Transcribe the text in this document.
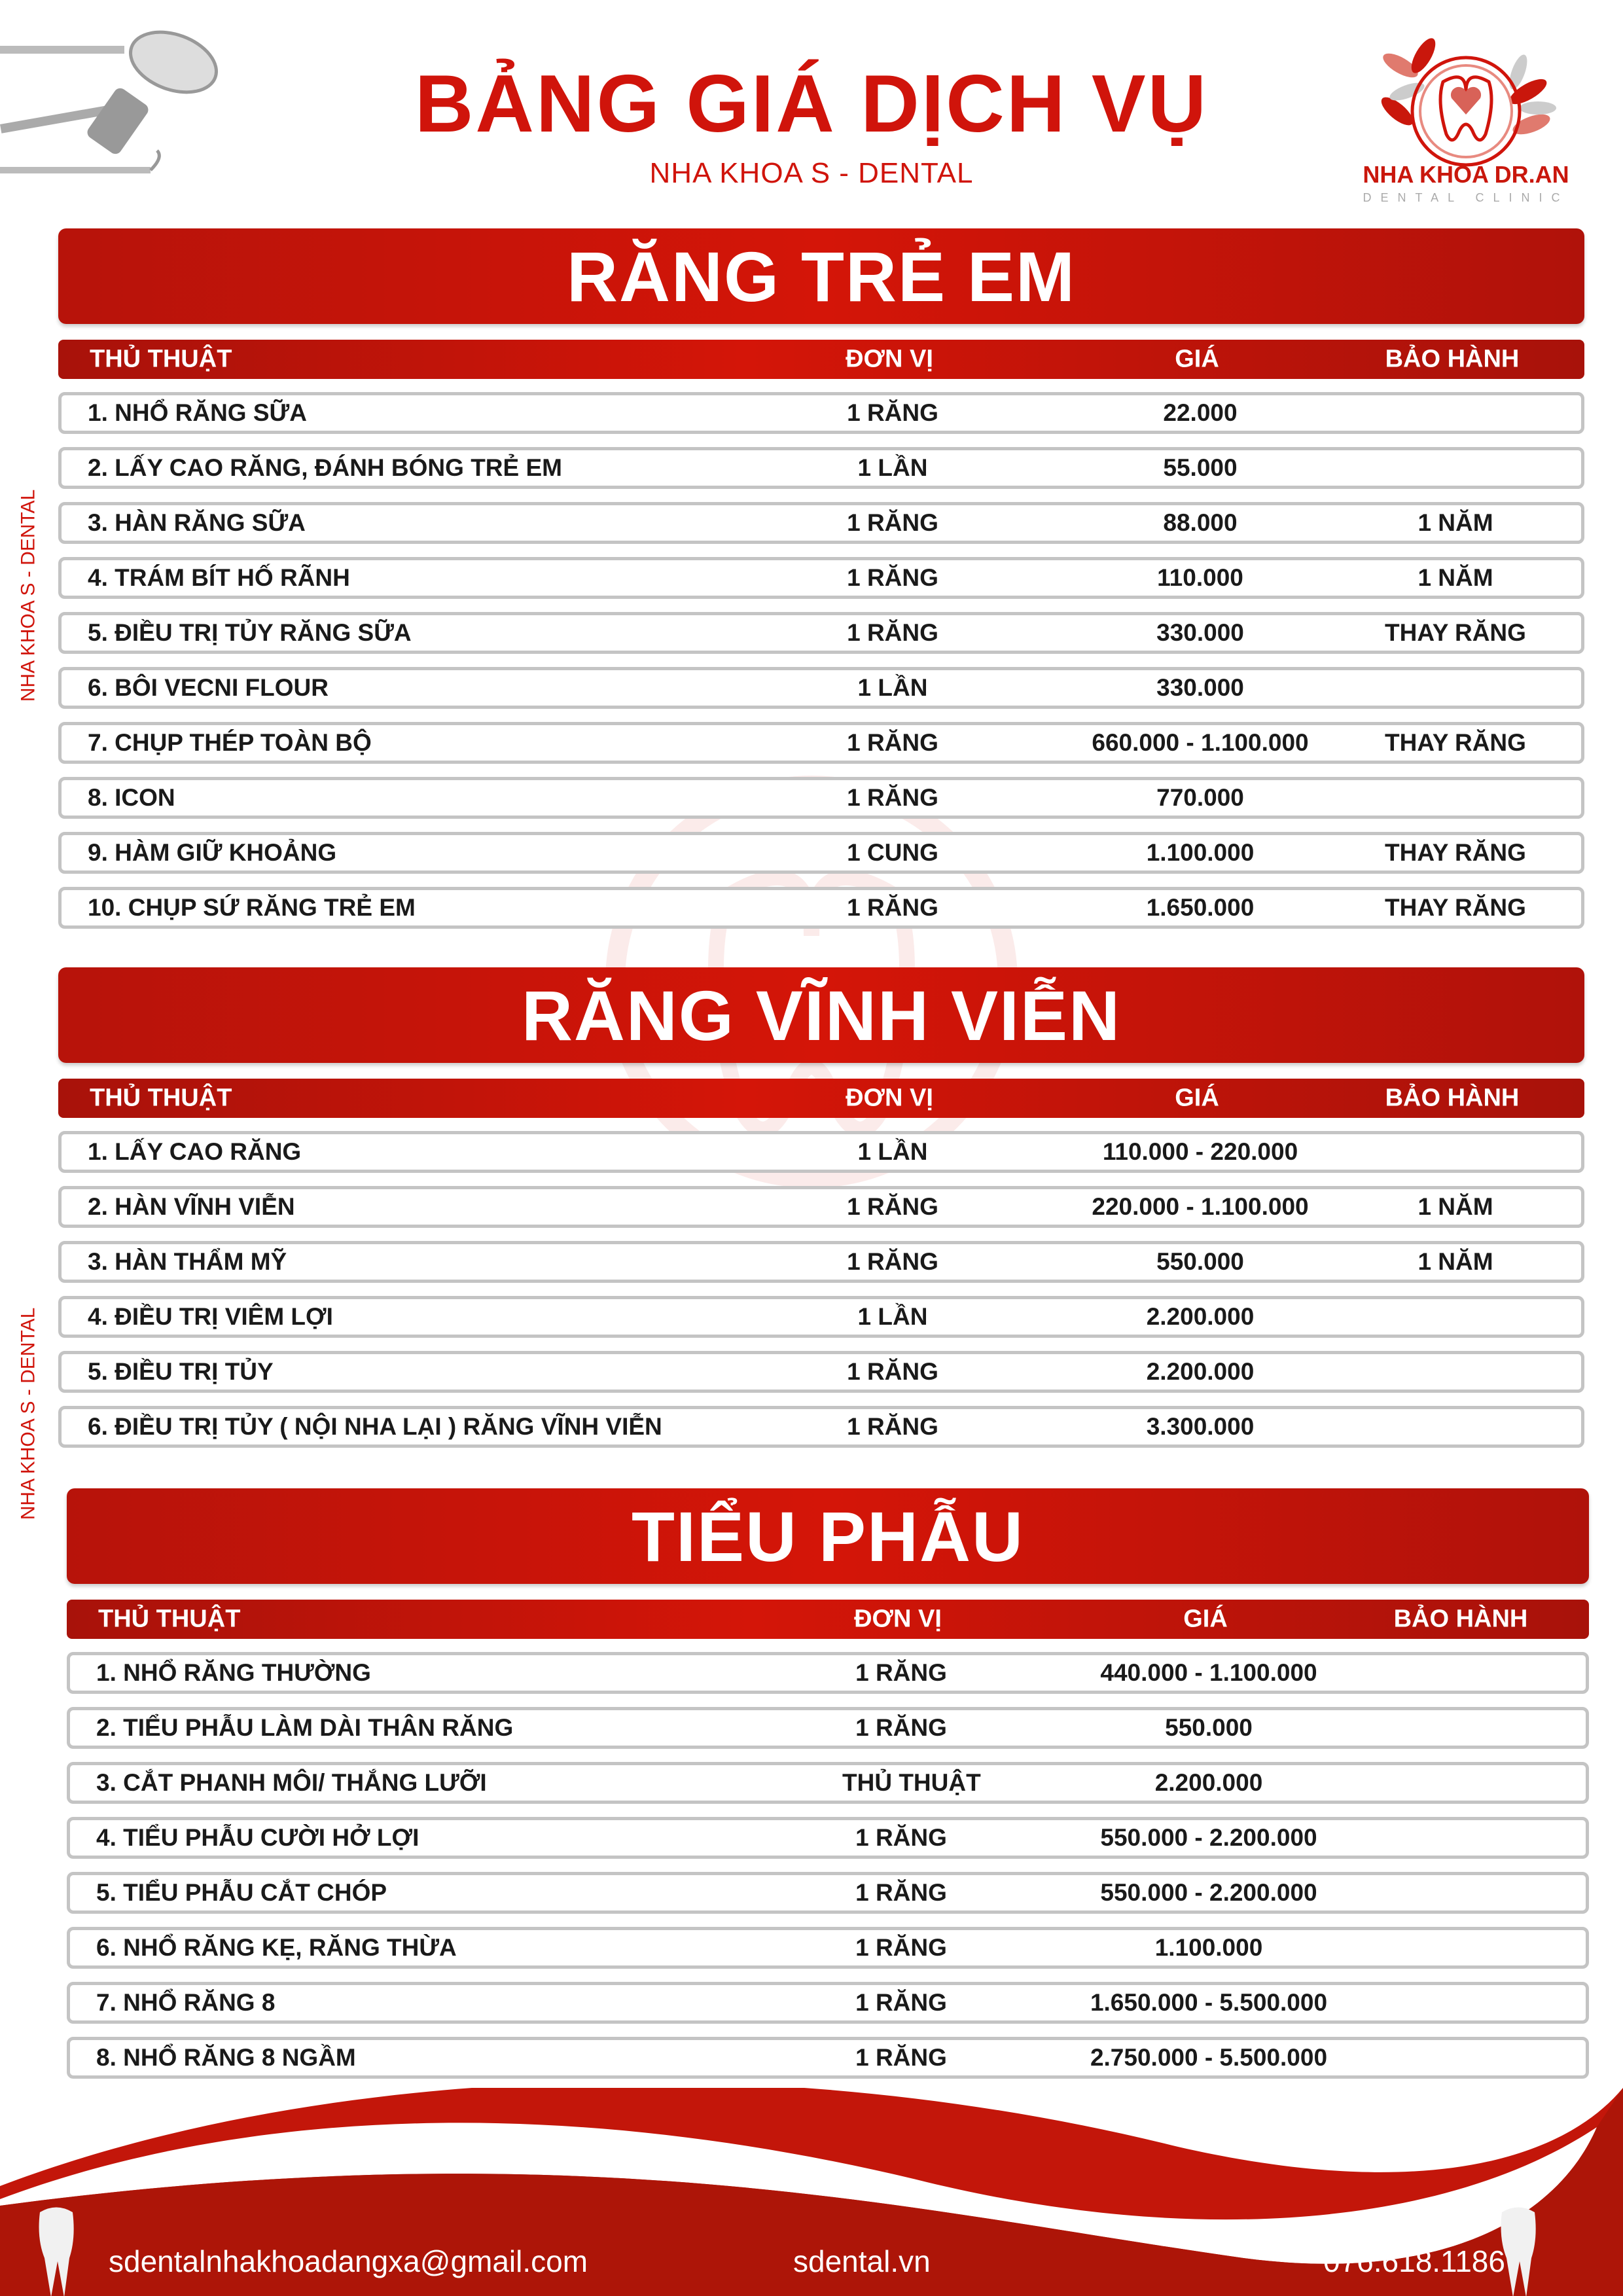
BẢNG GIÁ DỊCH VỤ
NHA KHOA S - DENTAL	NHA KHOA DR.AN
DENTAL CLINIC
NHA KHOA S - DENTAL
NHA KHOA S - DENTAL
RĂNG TRẺ EM
THỦ THUẬT	ĐƠN VỊ	GIÁ	BẢO HÀNH
1. NHỔ RĂNG SỮA	1 RĂNG	22.000
2. LẤY CAO RĂNG, ĐÁNH BÓNG TRẺ EM	1 LẦN	55.000
3. HÀN RĂNG SỮA	1 RĂNG	88.000	1 NĂM
4. TRÁM BÍT HỐ RÃNH	1 RĂNG	110.000	1 NĂM
5. ĐIỀU TRỊ TỦY RĂNG SỮA	1 RĂNG	330.000	THAY RĂNG
6. BÔI VECNI FLOUR	1 LẦN	330.000
7. CHỤP THÉP TOÀN BỘ	1 RĂNG	660.000 - 1.100.000	THAY RĂNG
8. ICON	1 RĂNG	770.000
9. HÀM GIỮ KHOẢNG	1 CUNG	1.100.000	THAY RĂNG
10. CHỤP SỨ RĂNG TRẺ EM	1 RĂNG	1.650.000	THAY RĂNG
RĂNG VĨNH VIỄN
THỦ THUẬT	ĐƠN VỊ	GIÁ	BẢO HÀNH
1. LẤY CAO RĂNG	1 LẦN	110.000 - 220.000
2. HÀN VĨNH VIỄN	1 RĂNG	220.000 - 1.100.000	1 NĂM
3. HÀN THẨM MỸ	1 RĂNG	550.000	1 NĂM
4. ĐIỀU TRỊ VIÊM LỢI	1 LẦN	2.200.000
5. ĐIỀU TRỊ TỦY	1 RĂNG	2.200.000
6. ĐIỀU TRỊ TỦY ( NỘI NHA LẠI ) RĂNG VĨNH VIỄN	1 RĂNG	3.300.000
TIỂU PHẪU
THỦ THUẬT	ĐƠN VỊ	GIÁ	BẢO HÀNH
1. NHỔ RĂNG THƯỜNG	1 RĂNG	440.000 - 1.100.000
2. TIỂU PHẪU LÀM DÀI THÂN RĂNG	1 RĂNG	550.000
3. CẮT PHANH MÔI/ THẮNG LƯỠI	THỦ THUẬT	2.200.000
4. TIỂU PHẪU CƯỜI HỞ LỢI	1 RĂNG	550.000 - 2.200.000
5. TIỂU PHẪU CẮT CHÓP	1 RĂNG	550.000 - 2.200.000
6. NHỔ RĂNG KẸ, RĂNG THỪA	1 RĂNG	1.100.000
7. NHỔ RĂNG 8	1 RĂNG	1.650.000 - 5.500.000
8. NHỔ RĂNG 8 NGẦM	1 RĂNG	2.750.000 - 5.500.000
sdentalnhakhoadangxa@gmail.com	sdental.vn	076.618.1186
